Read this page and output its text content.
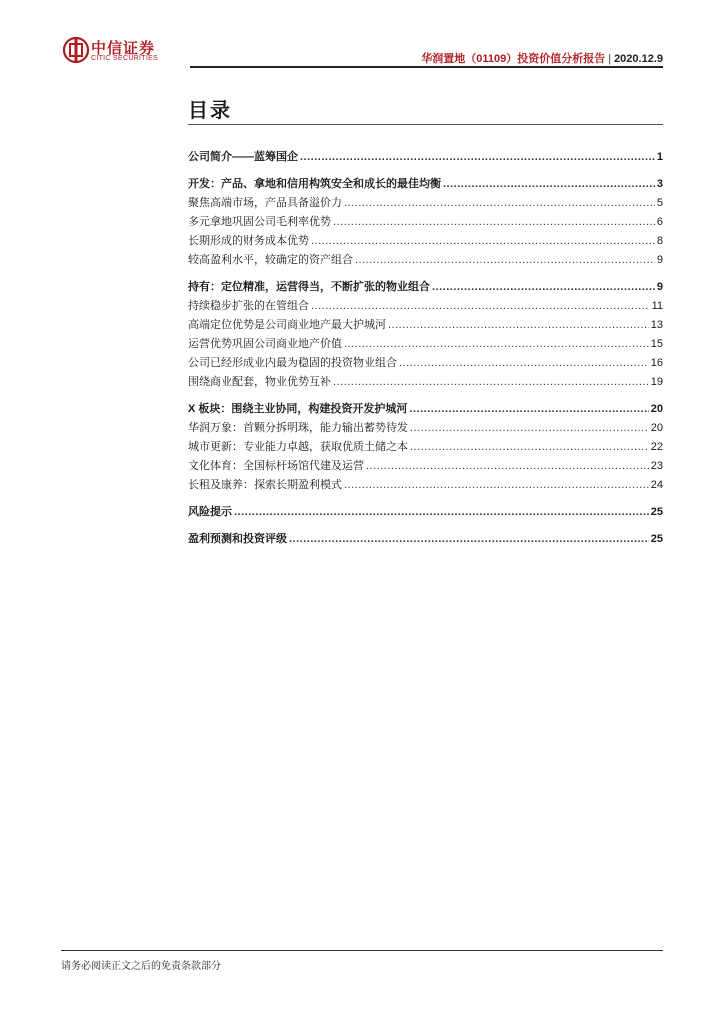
中信证券
CITIC SECURITIES	华润置地（01109）投资价值分析报告 | 2020.12.9
目录
公司简介——蓝筹国企 .....	1
开发：产品、拿地和信用构筑安全和成长的最佳均衡 .....	3
聚焦高端市场，产品具备溢价力 .....	5
多元拿地巩固公司毛利率优势 .....	6
长期形成的财务成本优势 .....	8
较高盈利水平，较确定的资产组合 .....	9
持有：定位精准，运营得当，不断扩张的物业组合 .....	9
持续稳步扩张的在管组合 .....	11
高端定位优势是公司商业地产最大护城河 .....	13
运营优势巩固公司商业地产价值 .....	15
公司已经形成业内最为稳固的投资物业组合 .....	16
围绕商业配套，物业优势互补 .....	19
X 板块：围绕主业协同，构建投资开发护城河 .....	20
华润万象：首颗分拆明珠，能力输出蓄势待发 .....	20
城市更新：专业能力卓越，获取优质土储之本 .....	22
文化体育：全国标杆场馆代建及运营 .....	23
长租及康养：探索长期盈利模式 .....	24
风险提示 .....	25
盈利预测和投资评级 .....	25
请务必阅读正文之后的免责条款部分
